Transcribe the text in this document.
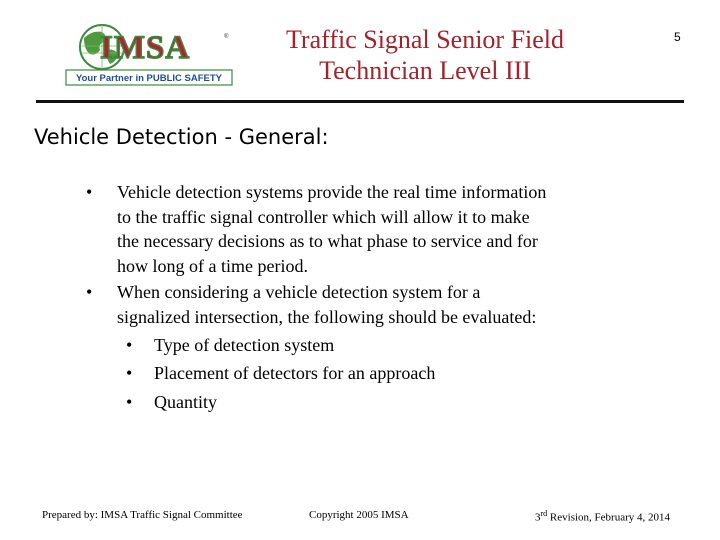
IMSA	®
Your Partner in PUBLIC SAFETY
Traffic Signal Senior Field
Technician Level III
5
Vehicle Detection - General:
• Vehicle detection systems provide the real time information
to the traffic signal controller which will allow it to make
the necessary decisions as to what phase to service and for
how long of a time period.
• When considering a vehicle detection system for a
signalized intersection, the following should be evaluated:
• Type of detection system
• Placement of detectors for an approach
• Quantity
Prepared by: IMSA Traffic Signal Committee	Copyright 2005 IMSA	3rd Revision, February 4, 2014
